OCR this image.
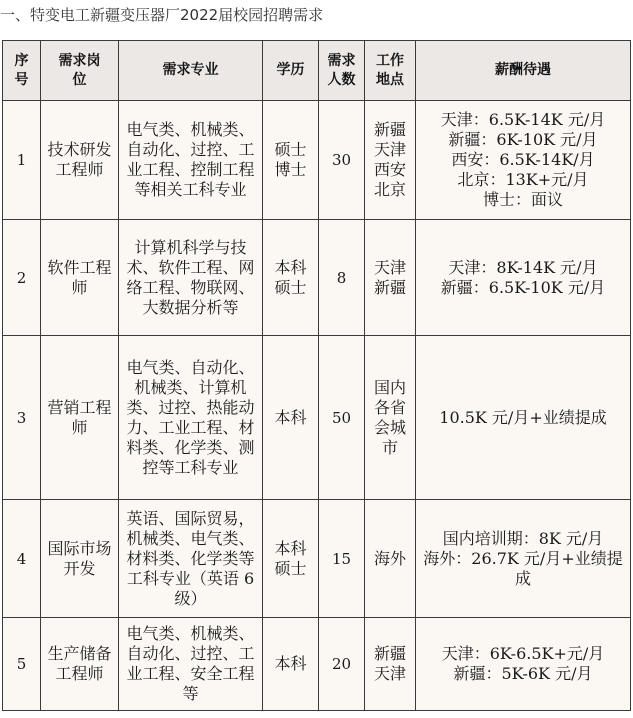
一、特变电工新疆变压器厂2022届校园招聘需求
序
号	需求岗
位	需求专业	学历	需求
人数	工作
地点	薪酬待遇
1	技术研发工程师	电气类、机械类、自动化、过控、工业工程、控制工程等相关工科专业	硕士
博士	30	新疆
天津
西安
北京	天津：6.5K-14K 元/月
新疆：6K-10K 元/月
西安：6.5K-14K/月
北京：13K+元/月
博士：面议

2	软件工程师	计算机科学与技术、软件工程、网络工程、物联网、大数据分析等	本科
硕士	8	天津
新疆	天津：8K-14K 元/月
新疆：6.5K-10K 元/月

3	营销工程师	电气类、自动化、机械类、计算机类、过控、热能动力、工业工程、材料类、化学类、测控等工科专业	本科	50	国内
各省
会城
市	10.5K 元/月+业绩提成

4	国际市场开发	英语、国际贸易，机械类、电气类、材料类、化学类等工科专业（英语 6 级）	本科
硕士	15	海外	国内培训期：8K 元/月
海外：26.7K 元/月+业绩提成

5	生产储备工程师	电气类、机械类、自动化、过控、工业工程、安全工程等	本科	20	新疆
天津	天津：6K-6.5K+元/月
新疆：5K-6K 元/月
